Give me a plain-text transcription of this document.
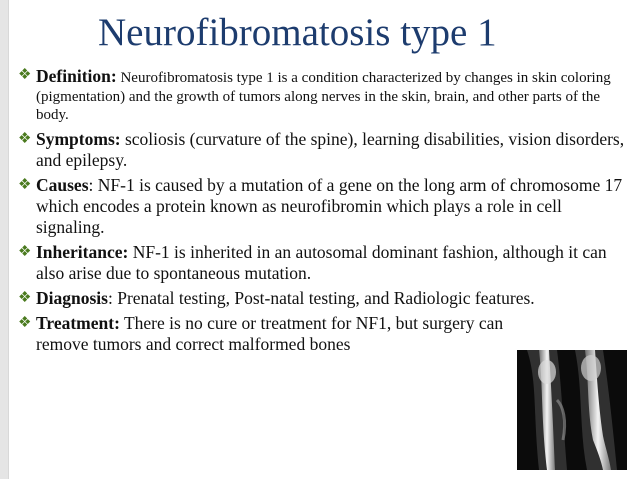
Neurofibromatosis type 1
❖ Definition: Neurofibromatosis type 1 is a condition characterized by changes in skin coloring (pigmentation) and the growth of tumors along nerves in the skin, brain, and other parts of the body.
❖ Symptoms: scoliosis (curvature of the spine), learning disabilities, vision disorders, and epilepsy.
❖ Causes: NF-1 is caused by a mutation of a gene on the long arm of chromosome 17 which encodes a protein known as neurofibromin which plays a role in cell signaling.
❖ Inheritance: NF-1 is inherited in an autosomal dominant fashion, although it can also arise due to spontaneous mutation.
❖ Diagnosis: Prenatal testing, Post-natal testing, and Radiologic features.
❖ Treatment: There is no cure or treatment for NF1, but surgery can remove tumors and correct malformed bones
